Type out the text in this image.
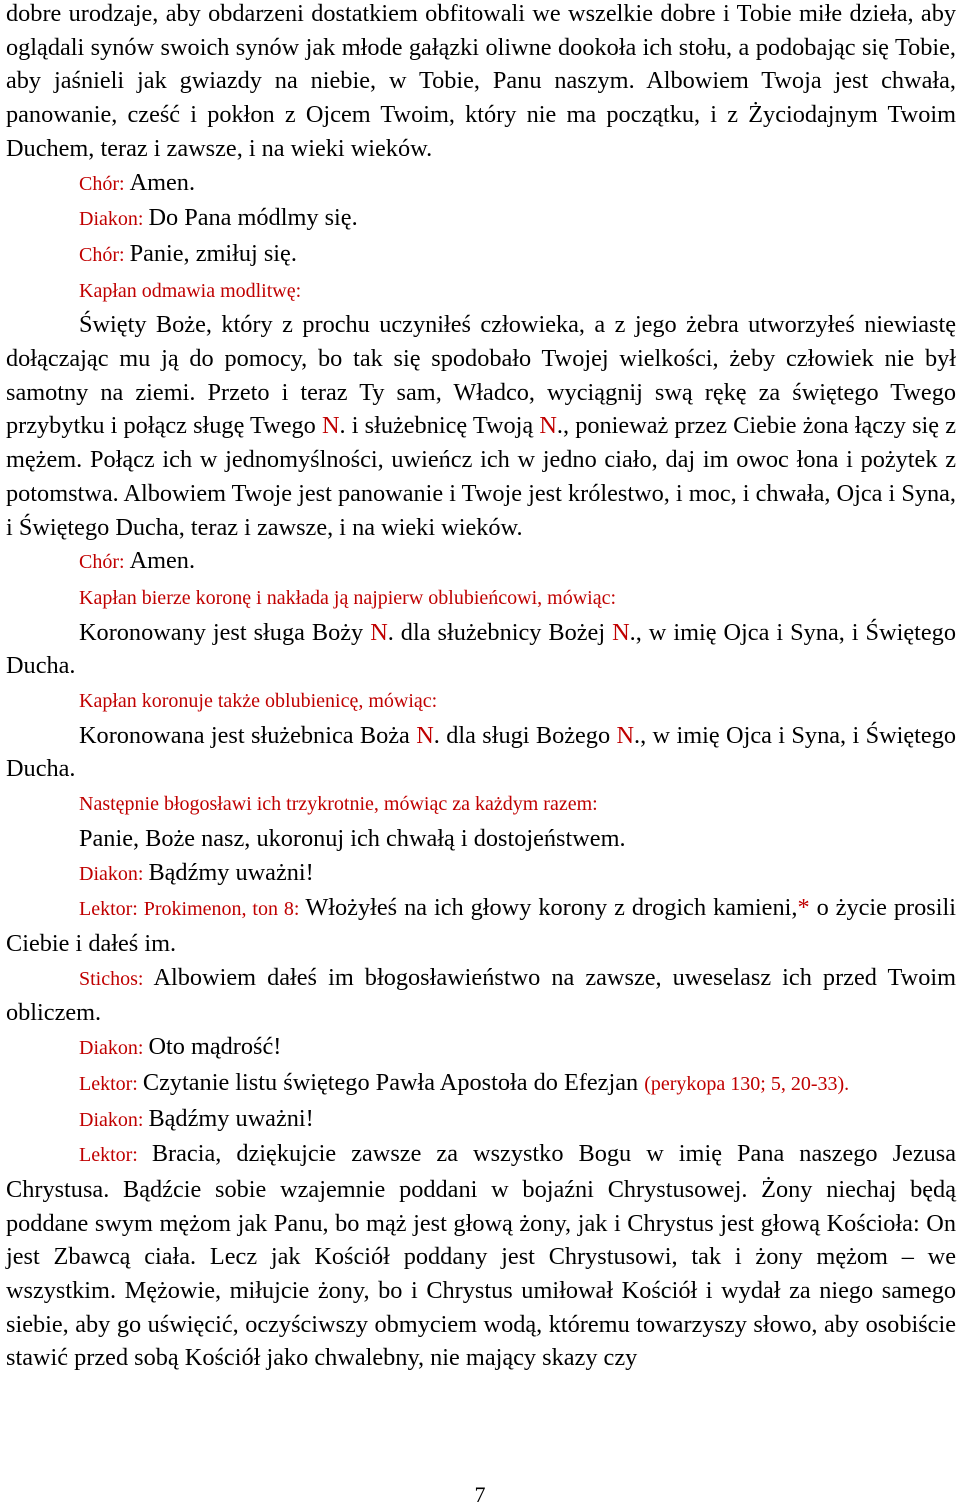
dobre urodzaje, aby obdarzeni dostatkiem obfitowali we wszelkie dobre i Tobie miłe dzieła, aby oglądali synów swoich synów jak młode gałązki oliwne dookoła ich stołu, a podobając się Tobie, aby jaśnieli jak gwiazdy na niebie, w Tobie, Panu naszym. Albowiem Twoja jest chwała, panowanie, cześć i pokłon z Ojcem Twoim, który nie ma początku, i z Życiodajnym Twoim Duchem, teraz i zawsze, i na wieki wieków.
Chór: Amen.
Diakon: Do Pana módlmy się.
Chór: Panie, zmiłuj się.
Kapłan odmawia modlitwę:
Święty Boże, który z prochu uczyniłeś człowieka, a z jego żebra utworzyłeś niewiastę dołączając mu ją do pomocy, bo tak się spodobało Twojej wielkości, żeby człowiek nie był samotny na ziemi. Przeto i teraz Ty sam, Władco, wyciągnij swą rękę za świętego Twego przybytku i połącz sługę Twego N. i służebnicę Twoją N., ponieważ przez Ciebie żona łączy się z mężem. Połącz ich w jednomyślności, uwieńcz ich w jedno ciało, daj im owoc łona i pożytek z potomstwa. Albowiem Twoje jest panowanie i Twoje jest królestwo, i moc, i chwała, Ojca i Syna, i Świętego Ducha, teraz i zawsze, i na wieki wieków.
Chór: Amen.
Kapłan bierze koronę i nakłada ją najpierw oblubieńcowi, mówiąc:
Koronowany jest sługa Boży N. dla służebnicy Bożej N., w imię Ojca i Syna, i Świętego Ducha.
Kapłan koronuje także oblubienicę, mówiąc:
Koronowana jest służebnica Boża N. dla sługi Bożego N., w imię Ojca i Syna, i Świętego Ducha.
Następnie błogosławi ich trzykrotnie, mówiąc za każdym razem:
Panie, Boże nasz, ukoronuj ich chwałą i dostojeństwem.
Diakon: Bądźmy uważni!
Lektor: Prokimenon, ton 8: Włożyłeś na ich głowy korony z drogich kamieni,* o życie prosili Ciebie i dałeś im.
Stichos: Albowiem dałeś im błogosławieństwo na zawsze, uweselasz ich przed Twoim obliczem.
Diakon: Oto mądrość!
Lektor: Czytanie listu świętego Pawła Apostoła do Efezjan (perykopa 130; 5, 20-33).
Diakon: Bądźmy uważni!
Lektor: Bracia, dziękujcie zawsze za wszystko Bogu w imię Pana naszego Jezusa Chrystusa. Bądźcie sobie wzajemnie poddani w bojaźni Chrystusowej. Żony niechaj będą poddane swym mężom jak Panu, bo mąż jest głową żony, jak i Chrystus jest głową Kościoła: On jest Zbawcą ciała. Lecz jak Kościół poddany jest Chrystusowi, tak i żony mężom – we wszystkim. Mężowie, miłujcie żony, bo i Chrystus umiłował Kościół i wydał za niego samego siebie, aby go uświęcić, oczyściwszy obmyciem wodą, któremu towarzyszy słowo, aby osobiście stawić przed sobą Kościół jako chwalebny, nie mający skazy czy
7
